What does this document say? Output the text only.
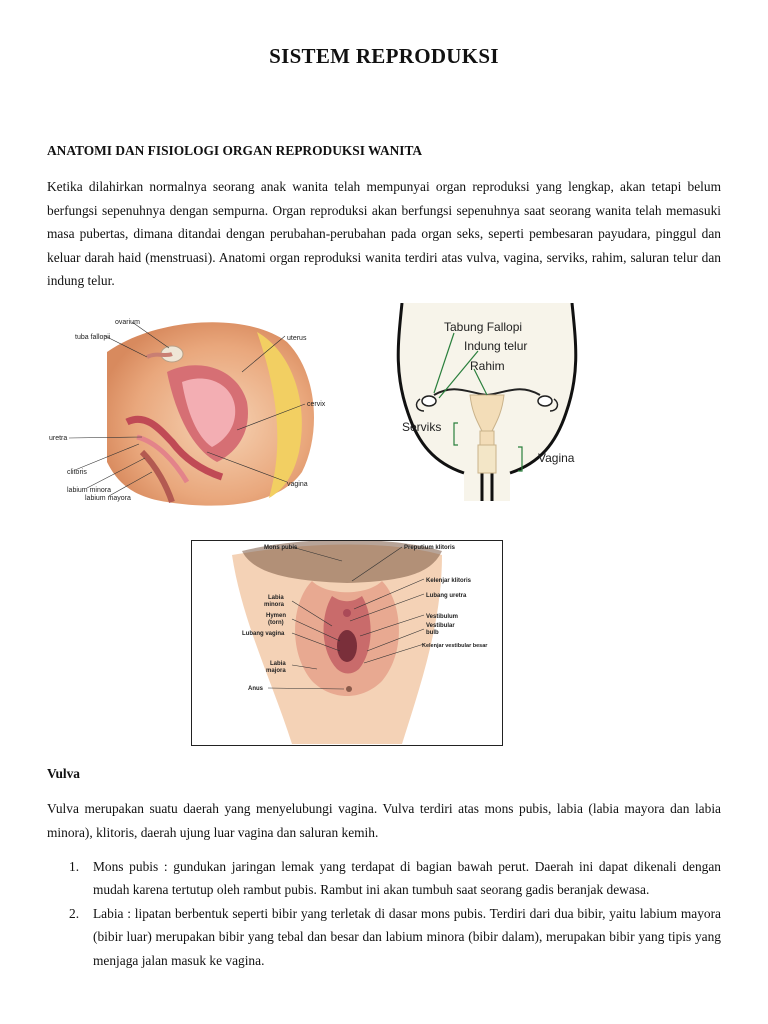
SISTEM REPRODUKSI
ANATOMI DAN FISIOLOGI ORGAN REPRODUKSI WANITA

Ketika dilahirkan normalnya seorang anak wanita telah mempunyai organ reproduksi yang lengkap, akan tetapi belum berfungsi sepenuhnya dengan sempurna. Organ reproduksi akan berfungsi sepenuhnya saat seorang wanita telah memasuki masa pubertas, dimana ditandai dengan perubahan-perubahan pada organ seks, seperti pembesaran payudara, pinggul dan keluar darah haid (menstruasi). Anatomi organ reproduksi wanita terdiri atas vulva, vagina, serviks, rahim, saluran telur dan indung telur.

ovarium
tuba fallopii	uterus
cervix
uretra
clitoris
labium minora
labium mayora
vagina
Tabung Fallopi
Indung telur
Rahim
Serviks
Vagina
Mons pubis	Preputium klitoris
Kelenjar klitoris
Lubang uretra
Vestibulum
Vestibular
bulb
Kelenjar vestibular besar
Labia
minora
Hymen
(torn)
Lubang vagina
Labia
majora
Anus
Vulva

Vulva merupakan suatu daerah yang menyelubungi vagina. Vulva terdiri atas mons pubis, labia (labia mayora dan labia minora), klitoris, daerah ujung luar vagina dan saluran kemih.

1. Mons pubis : gundukan jaringan lemak yang terdapat di bagian bawah perut. Daerah ini dapat dikenali dengan mudah karena tertutup oleh rambut pubis. Rambut ini akan tumbuh saat seorang gadis beranjak dewasa.
2. Labia : lipatan berbentuk seperti bibir yang terletak di dasar mons pubis. Terdiri dari dua bibir, yaitu labium mayora (bibir luar) merupakan bibir yang tebal dan besar dan labium minora (bibir dalam), merupakan bibir yang tipis yang menjaga jalan masuk ke vagina.
